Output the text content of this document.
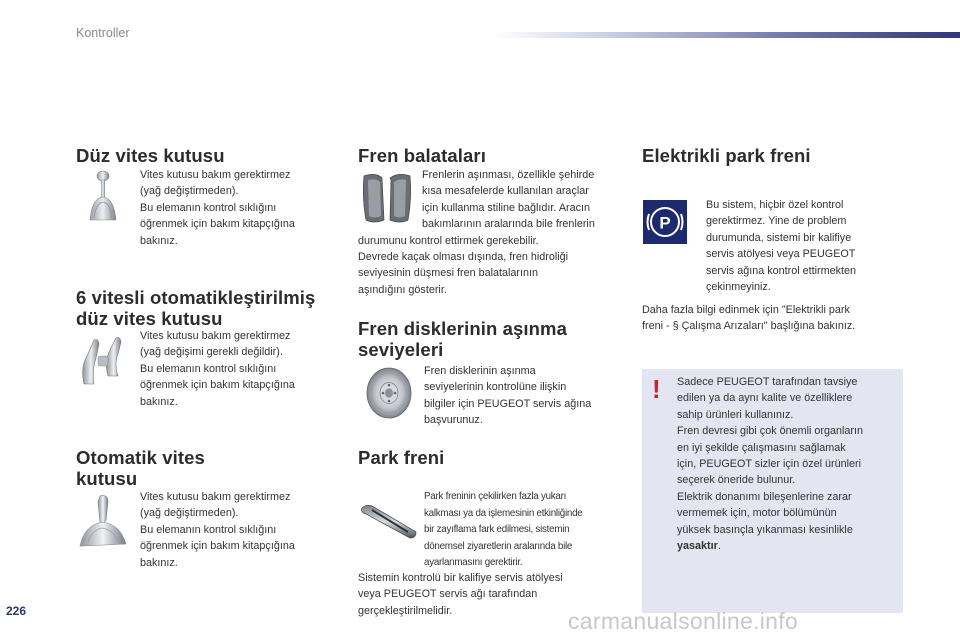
Kontroller
Düz vites kutusu
Vites kutusu bakım gerektirmez
(yağ değiştirmeden).
Bu elemanın kontrol sıklığını
öğrenmek için bakım kitapçığına
bakınız.
6 vitesli otomatikleştirilmiş
düz vites kutusu
Vites kutusu bakım gerektirmez
(yağ değişimi gerekli değildir).
Bu elemanın kontrol sıklığını
öğrenmek için bakım kitapçığına
bakınız.
Otomatik vites
kutusu
Vites kutusu bakım gerektirmez
(yağ değiştirmeden).
Bu elemanın kontrol sıklığını
öğrenmek için bakım kitapçığına
bakınız.
Fren balataları
Frenlerin aşınması, özellikle şehirde
kısa mesafelerde kullanılan araçlar
için kullanma stiline bağlıdır. Aracın
bakımlarının aralarında bile frenlerin
durumunu kontrol ettirmek gerekebilir.
Devrede kaçak olması dışında, fren hidroliği
seviyesinin düşmesi fren balatalarının
aşındığını gösterir.
Fren disklerinin aşınma
seviyeleri
Fren disklerinin aşınma
seviyelerinin kontrolüne ilişkin
bilgiler için PEUGEOT servis ağına
başvurunuz.
Park freni
Park freninin çekilirken fazla yukarı
kalkması ya da işlemesinin etkinliğinde
bir zayıflama fark edilmesi, sistemin
dönemsel ziyaretlerin aralarında bile
ayarlanmasını gerektirir.
Sistemin kontrolü bir kalifiye servis atölyesi
veya PEUGEOT servis ağı tarafından
gerçekleştirilmelidir.
Elektrikli park freni
P
Bu sistem, hiçbir özel kontrol
gerektirmez. Yine de problem
durumunda, sistemi bir kalifiye
servis atölyesi veya PEUGEOT
servis ağına kontrol ettirmekten
çekinmeyiniz.
Daha fazla bilgi edinmek için "Elektrikli park
freni - § Çalışma Arızaları" başlığına bakınız.
! Sadece PEUGEOT tarafından tavsiye
edilen ya da aynı kalite ve özelliklere
sahip ürünleri kullanınız.
Fren devresi gibi çok önemli organların
en iyi şekilde çalışmasını sağlamak
için, PEUGEOT sizler için özel ürünleri
seçerek öneride bulunur.
Elektrik donanımı bileşenlerine zarar
vermemek için, motor bölümünün
yüksek basınçla yıkanması kesinlikle
yasaktır.
226	carmanualsonline.info
